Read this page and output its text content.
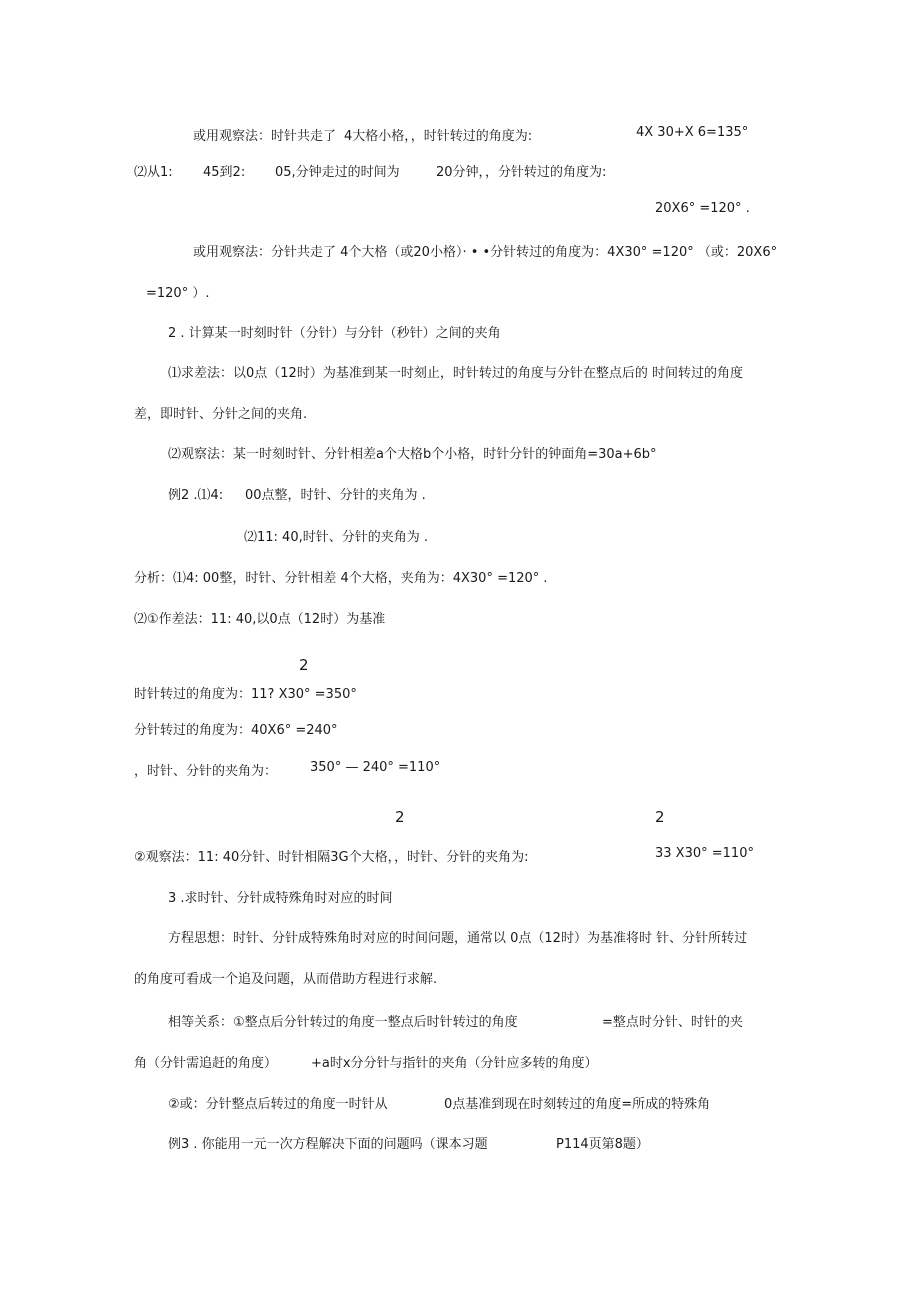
或用观察法：时针共走了 4大格小格，，时针转过的角度为:	4X 30+X 6=135°
⑵从1: 45到2: 05,分钟走过的时间为	20分钟，，分针转过的角度为:
20X6° =120° .
或用观察法：分针共走了 4个大格（或20小格）· • •分针转过的角度为：4X30° =120° （或：20X6°
=120° ）.
2 . 计算某一时刻时针（分针）与分针（秒针）之间的夹角
⑴求差法：以0点（12时）为基准到某一时刻止，时针转过的角度与分针在整点后的 时间转过的角度
差，即时针、分针之间的夹角.
⑵观察法：某一时刻时针、分针相差a个大格b个小格，时针分针的钟面角=30a+6b°
例2 .⑴4: 00点整，时针、分针的夹角为 .
⑵11: 40,时针、分针的夹角为 .
分析：⑴4: 00整，时针、分针相差 4个大格，夹角为：4X30° =120° .
⑵①作差法：11: 40,以0点（12时）为基准
2
时针转过的角度为：11? X30° =350°
分针转过的角度为：40X6° =240°
，时针、分针的夹角为：	350° — 240° =110°
2	2
②观察法：11: 40分针、时针相隔3G个大格，，时针、分针的夹角为:	33 X30° =110°
3 .求时针、分针成特殊角时对应的时间
方程思想：时针、分针成特殊角时对应的时间问题，通常以 0点（12时）为基准将时 针、分针所转过
的角度可看成一个追及问题，从而借助方程进行求解.
相等关系：①整点后分针转过的角度一整点后时针转过的角度	=整点时分针、时针的夹
角（分针需追赶的角度）	+a时x分分针与指针的夹角（分针应多转的角度）
②或：分针整点后转过的角度一时针从	0点基准到现在时刻转过的角度=所成的特殊角
例3 . 你能用一元一次方程解决下面的问题吗（课本习题	P114页第8题）
